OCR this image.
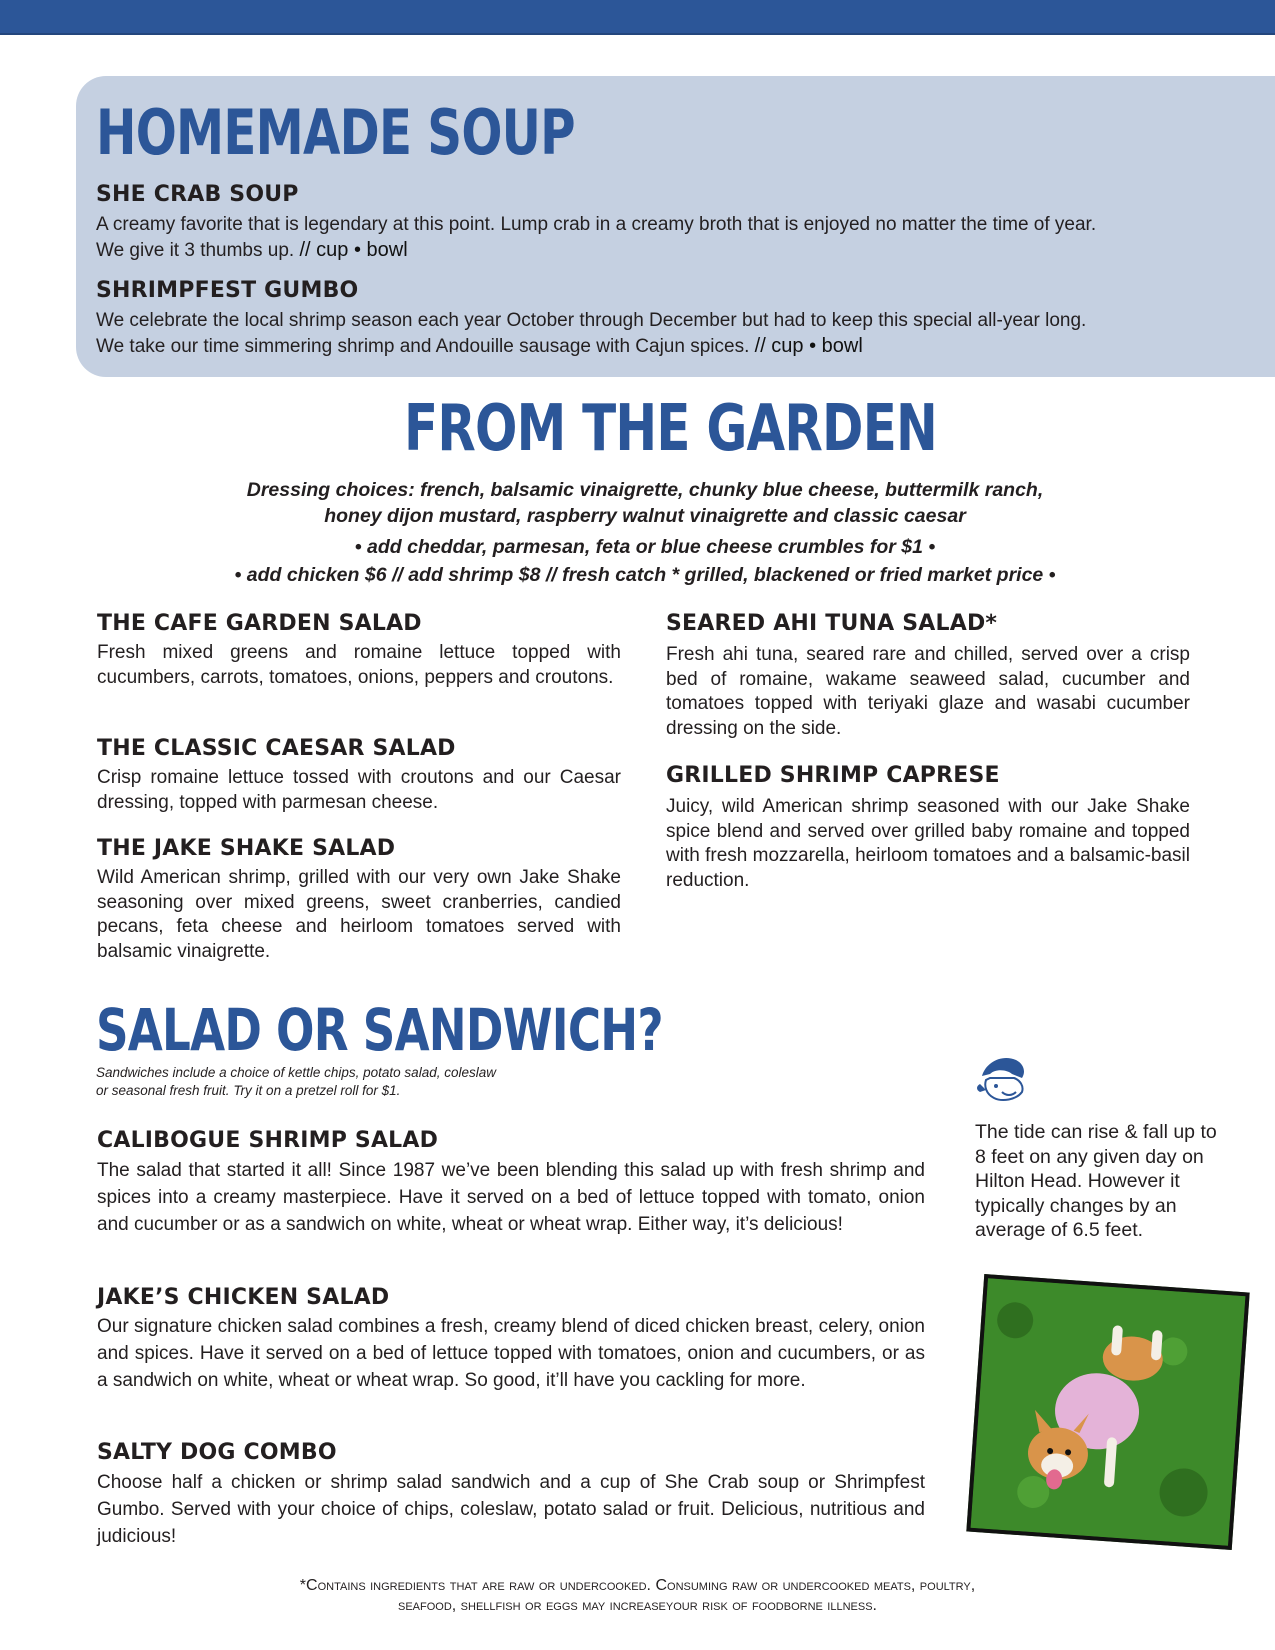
HOMEMADE SOUP
SHE CRAB SOUP

A creamy favorite that is legendary at this point. Lump crab in a creamy broth that is enjoyed no matter the time of year.
We give it 3 thumbs up. // cup • bowl

SHRIMPFEST GUMBO

We celebrate the local shrimp season each year October through December but had to keep this special all-year long.
We take our time simmering shrimp and Andouille sausage with Cajun spices. // cup • bowl

FROM THE GARDEN

Dressing choices: french, balsamic vinaigrette, chunky blue cheese, buttermilk ranch,
honey dijon mustard, raspberry walnut vinaigrette and classic caesar

• add cheddar, parmesan, feta or blue cheese crumbles for $1 •

• add chicken $6 // add shrimp $8 // fresh catch * grilled, blackened or fried market price •

THE CAFE GARDEN SALAD

Fresh mixed greens and romaine lettuce topped with cucumbers, carrots, tomatoes, onions, peppers and croutons.

THE CLASSIC CAESAR SALAD

Crisp romaine lettuce tossed with croutons and our Caesar dressing, topped with parmesan cheese.

THE JAKE SHAKE SALAD

Wild American shrimp, grilled with our very own Jake Shake seasoning over mixed greens, sweet cranberries, candied pecans, feta cheese and heirloom tomatoes served with balsamic vinaigrette.

SEARED AHI TUNA SALAD*

Fresh ahi tuna, seared rare and chilled, served over a crisp bed of romaine, wakame seaweed salad, cucumber and tomatoes topped with teriyaki glaze and wasabi cucumber dressing on the side.

GRILLED SHRIMP CAPRESE

Juicy, wild American shrimp seasoned with our Jake Shake spice blend and served over grilled baby romaine and topped with fresh mozzarella, heirloom tomatoes and a balsamic-basil reduction.

SALAD OR SANDWICH?

Sandwiches include a choice of kettle chips, potato salad, coleslaw
or seasonal fresh fruit. Try it on a pretzel roll for $1.

CALIBOGUE SHRIMP SALAD

The salad that started it all! Since 1987 we’ve been blending this salad up with fresh shrimp and spices into a creamy masterpiece. Have it served on a bed of lettuce topped with tomato, onion and cucumber or as a sandwich on white, wheat or wheat wrap. Either way, it’s delicious!

JAKE’S CHICKEN SALAD

Our signature chicken salad combines a fresh, creamy blend of diced chicken breast, celery, onion and spices. Have it served on a bed of lettuce topped with tomatoes, onion and cucumbers, or as a sandwich on white, wheat or wheat wrap. So good, it’ll have you cackling for more.

SALTY DOG COMBO

Choose half a chicken or shrimp salad sandwich and a cup of She Crab soup or Shrimpfest Gumbo. Served with your choice of chips, coleslaw, potato salad or fruit. Delicious, nutritious and judicious!

The tide can rise & fall up to 8 feet on any given day on Hilton Head. However it typically changes by an average of 6.5 feet.

*Contains ingredients that are raw or undercooked. Consuming raw or undercooked meats, poultry,
seafood, shellfish or eggs may increaseyour risk of foodborne illness.
